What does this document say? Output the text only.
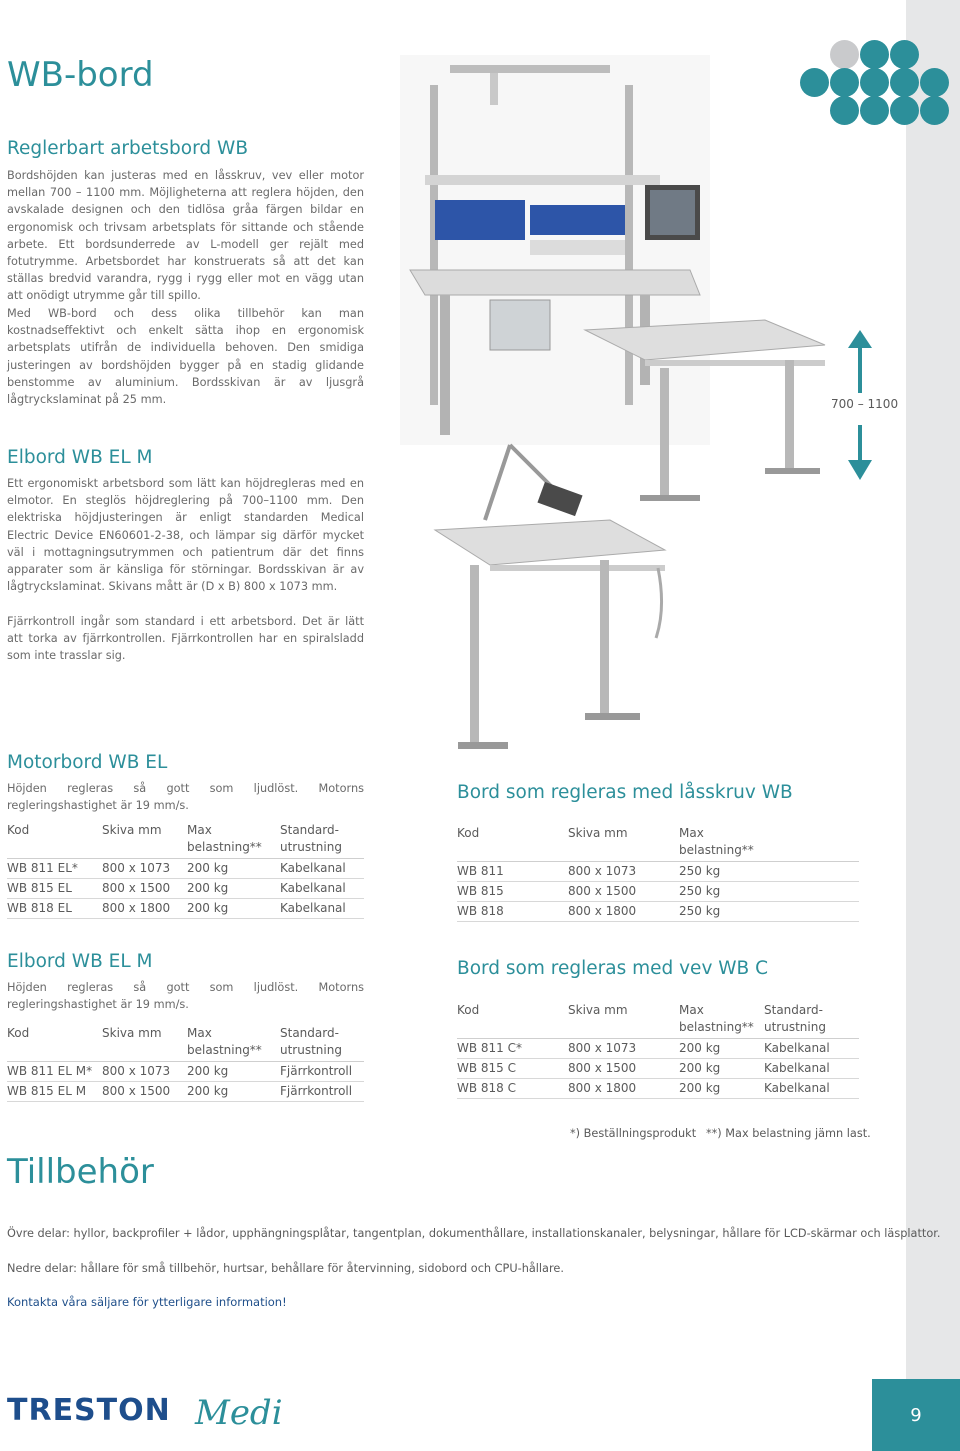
WB-bord
Reglerbart arbetsbord WB

Bordshöjden kan justeras med en låsskruv, vev eller motor mellan 700 – 1100 mm. Möjligheterna att reglera höjden, den avskalade designen och den tidlösa gråa färgen bildar en ergonomisk och trivsam arbetsplats för sittande och stående arbete. Ett bordsunderrede av L-modell ger rejält med fotutrymme. Arbetsbordet har konstruerats så att det kan ställas bredvid varandra, rygg i rygg eller mot en vägg utan att onödigt utrymme går till spillo.

Med WB-bord och dess olika tillbehör kan man kostnadseffektivt och enkelt sätta ihop en ergonomisk arbetsplats utifrån de individuella behoven. Den smidiga justeringen av bordshöjden bygger på en stadig glidande benstomme av aluminium. Bordsskivan är av ljusgrå lågtryckslaminat på 25 mm.

Elbord WB EL M

Ett ergonomiskt arbetsbord som lätt kan höjdregleras med en elmotor. En steglös höjdreglering på 700–1100 mm. Den elektriska höjdjusteringen är enligt standarden Medical Electric Device EN60601-2-38, och lämpar sig därför mycket väl i mottagningsutrymmen och patientrum där det finns apparater som är känsliga för störningar. Bordsskivan är av lågtryckslaminat. Skivans mått är (D x B) 800 x 1073 mm.

Fjärrkontroll ingår som standard i ett arbetsbord. Det är lätt att torka av fjärrkontrollen. Fjärrkontrollen har en spiralsladd som inte trasslar sig.

700 – 1100
Motorbord WB EL

Höjden regleras så gott som ljudlöst. Motorns regleringshastighet är 19 mm/s.

Kod	Skiva mm	Max belastning**	Standard- utrustning
WB 811 EL*	800 x 1073	200 kg	Kabelkanal
WB 815 EL	800 x 1500	200 kg	Kabelkanal
WB 818 EL	800 x 1800	200 kg	Kabelkanal
Elbord WB EL M

Höjden regleras så gott som ljudlöst. Motorns regleringshastighet är 19 mm/s.

Kod	Skiva mm	Max belastning**	Standard- utrustning
WB 811 EL M*	800 x 1073	200 kg	Fjärrkontroll
WB 815 EL M	800 x 1500	200 kg	Fjärrkontroll
Bord som regleras med låsskruv WB
Kod	Skiva mm	Max belastning**
WB 811	800 x 1073	250 kg
WB 815	800 x 1500	250 kg
WB 818	800 x 1800	250 kg
Bord som regleras med vev WB C
Kod	Skiva mm	Max belastning**	Standard- utrustning
WB 811 C*	800 x 1073	200 kg	Kabelkanal
WB 815 C	800 x 1500	200 kg	Kabelkanal
WB 818 C	800 x 1800	200 kg	Kabelkanal
*) Beställningsprodukt **) Max belastning jämn last.
Tillbehör

Övre delar: hyllor, backprofiler + lådor, upphängningsplåtar, tangentplan, dokumenthållare, installationskanaler, belysningar, hållare för LCD-skärmar och läsplattor.

Nedre delar: hållare för små tillbehör, hurtsar, behållare för återvinning, sidobord och CPU-hållare.

Kontakta våra säljare för ytterligare information!

TRESTON Medi	9
